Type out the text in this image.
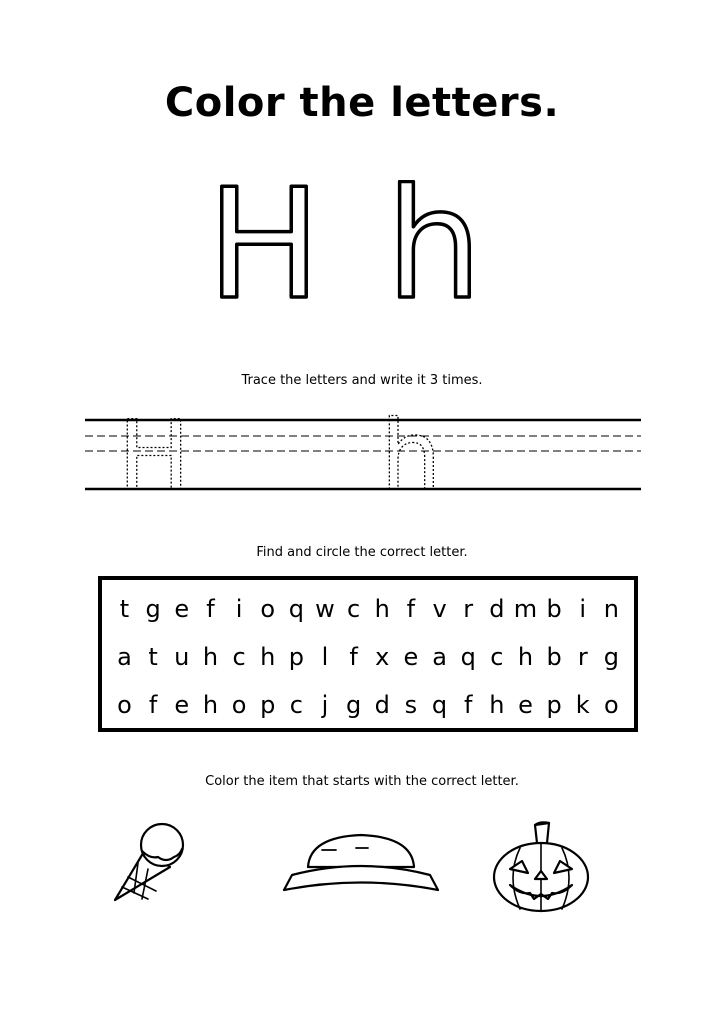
Color the letters.
H h
Trace the letters and write it 3 times.
H h
Find and circle the correct letter.
t g e f i o q w c h f v r d m b i n
a t u h c h p l f x e a q c h b r g
o f e h o p c j g d s q f h e p k o
Color the item that starts with the correct letter.
